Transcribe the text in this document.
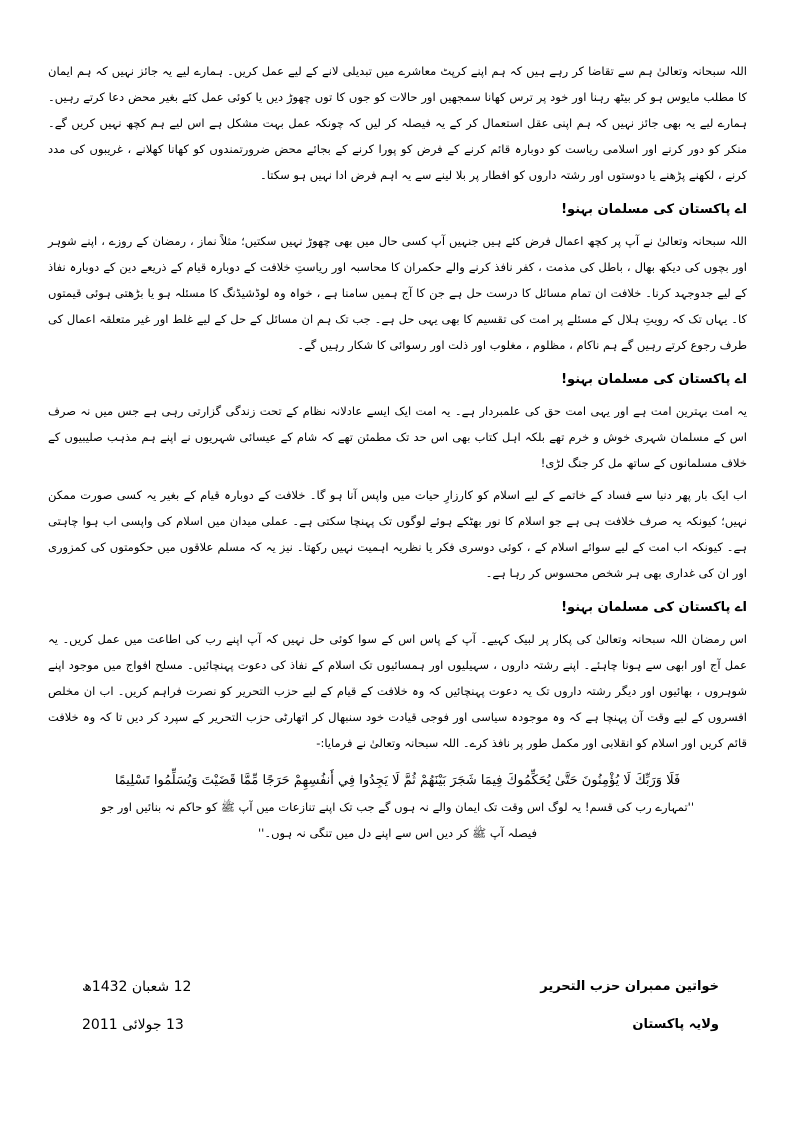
اللہ سبحانہ وتعالیٰ ہم سے تقاضا کر رہے ہیں کہ ہم اپنے کرپٹ معاشرے میں تبدیلی لانے کے لیے عمل کریں۔ ہمارے لیے یہ جائز نہیں کہ ہم ایمان کا مطلب مایوس ہو کر بیٹھ رہنا اور خود پر ترس کھانا سمجھیں اور حالات کو جوں کا توں چھوڑ دیں یا کوئی عمل کئے بغیر محض دعا کرتے رہیں۔ ہمارے لیے یہ بھی جائز نہیں کہ ہم اپنی عقل استعمال کر کے یہ فیصلہ کر لیں کہ چونکہ عمل بہت مشکل ہے اس لیے ہم کچھ نہیں کریں گے۔ منکر کو دور کرنے اور اسلامی ریاست کو دوبارہ قائم کرنے کے فرض کو پورا کرنے کے بجائے محض ضرورتمندوں کو کھانا کھلانے ، غریبوں کی مدد کرنے ، لکھنے پڑھنے یا دوستوں اور رشتہ داروں کو افطار پر بلا لینے سے یہ اہم فرض ادا نہیں ہو سکتا۔

اے پاکستان کی مسلمان بہنو!

اللہ سبحانہ وتعالیٰ نے آپ پر کچھ اعمال فرض کئے ہیں جنہیں آپ کسی حال میں بھی چھوڑ نہیں سکتیں؛ مثلاً نماز ، رمضان کے روزے ، اپنے شوہر اور بچوں کی دیکھ بھال ، باطل کی مذمت ، کفر نافذ کرنے والے حکمران کا محاسبہ اور ریاستِ خلافت کے دوبارہ قیام کے ذریعے دین کے دوبارہ نفاذ کے لیے جدوجہد کرنا۔ خلافت ان تمام مسائل کا درست حل ہے جن کا آج ہمیں سامنا ہے ، خواہ وہ لوڈشیڈنگ کا مسئلہ ہو یا بڑھتی ہوئی قیمتوں کا۔ یہاں تک کہ رویتِ ہلال کے مسئلے پر امت کی تقسیم کا بھی یہی حل ہے۔ جب تک ہم ان مسائل کے حل کے لیے غلط اور غیر متعلقہ اعمال کی طرف رجوع کرتے رہیں گے ہم ناکام ، مظلوم ، مغلوب اور ذلت اور رسوائی کا شکار رہیں گے۔

اے پاکستان کی مسلمان بہنو!

یہ امت بہترین امت ہے اور یہی امت حق کی علمبردار ہے۔ یہ امت ایک ایسے عادلانہ نظام کے تحت زندگی گزارتی رہی ہے جس میں نہ صرف اس کے مسلمان شہری خوش و خرم تھے بلکہ اہل کتاب بھی اس حد تک مطمئن تھے کہ شام کے عیسائی شہریوں نے اپنے ہم مذہب صلیبیوں کے خلاف مسلمانوں کے ساتھ مل کر جنگ لڑی!

اب ایک بار پھر دنیا سے فساد کے خاتمے کے لیے اسلام کو کارزارِ حیات میں واپس آنا ہو گا۔ خلافت کے دوبارہ قیام کے بغیر یہ کسی صورت ممکن نہیں؛ کیونکہ یہ صرف خلافت ہی ہے جو اسلام کا نور بھٹکے ہوئے لوگوں تک پہنچا سکتی ہے۔ عملی میدان میں اسلام کی واپسی اب ہوا چاہتی ہے۔ کیونکہ اب امت کے لیے سوائے اسلام کے ، کوئی دوسری فکر یا نظریہ اہمیت نہیں رکھتا۔ نیز یہ کہ مسلم علاقوں میں حکومتوں کی کمزوری اور ان کی غداری بھی ہر شخص محسوس کر رہا ہے۔

اے پاکستان کی مسلمان بہنو!

اس رمضان اللہ سبحانہ وتعالیٰ کی پکار پر لبیک کہیے۔ آپ کے پاس اس کے سوا کوئی حل نہیں کہ آپ اپنے رب کی اطاعت میں عمل کریں۔ یہ عمل آج اور ابھی سے ہونا چاہئے۔ اپنے رشتہ داروں ، سہیلیوں اور ہمسائیوں تک اسلام کے نفاذ کی دعوت پہنچائیں۔ مسلح افواج میں موجود اپنے شوہروں ، بھائیوں اور دیگر رشتہ داروں تک یہ دعوت پہنچائیں کہ وہ خلافت کے قیام کے لیے حزب التحریر کو نصرت فراہم کریں۔ اب ان مخلص افسروں کے لیے وقت آن پہنچا ہے کہ وہ موجودہ سیاسی اور فوجی قیادت خود سنبھال کر اتھارٹی حزب التحریر کے سپرد کر دیں تا کہ وہ خلافت قائم کریں اور اسلام کو انقلابی اور مکمل طور پر نافذ کرے۔ اللہ سبحانہ وتعالیٰ نے فرمایا:-

فَلَا وَرَبِّكَ لَا يُؤْمِنُونَ حَتَّىٰ يُحَكِّمُوكَ فِيمَا شَجَرَ بَيْنَهُمْ ثُمَّ لَا يَجِدُوا فِي أَنفُسِهِمْ حَرَجًا مِّمَّا قَضَيْتَ وَيُسَلِّمُوا تَسْلِيمًا

''تمہارے رب کی قسم! یہ لوگ اس وقت تک ایمان والے نہ ہوں گے جب تک اپنے تنازعات میں آپ ﷺ کو حاکم نہ بنائیں اور جو فیصلہ آپ ﷺ کر دیں اس سے اپنے دل میں تنگی نہ ہوں۔''

12 شعبان 1432ھ
13 جولائی 2011
خواتین ممبران حزب التحریر
ولایہ پاکستان
